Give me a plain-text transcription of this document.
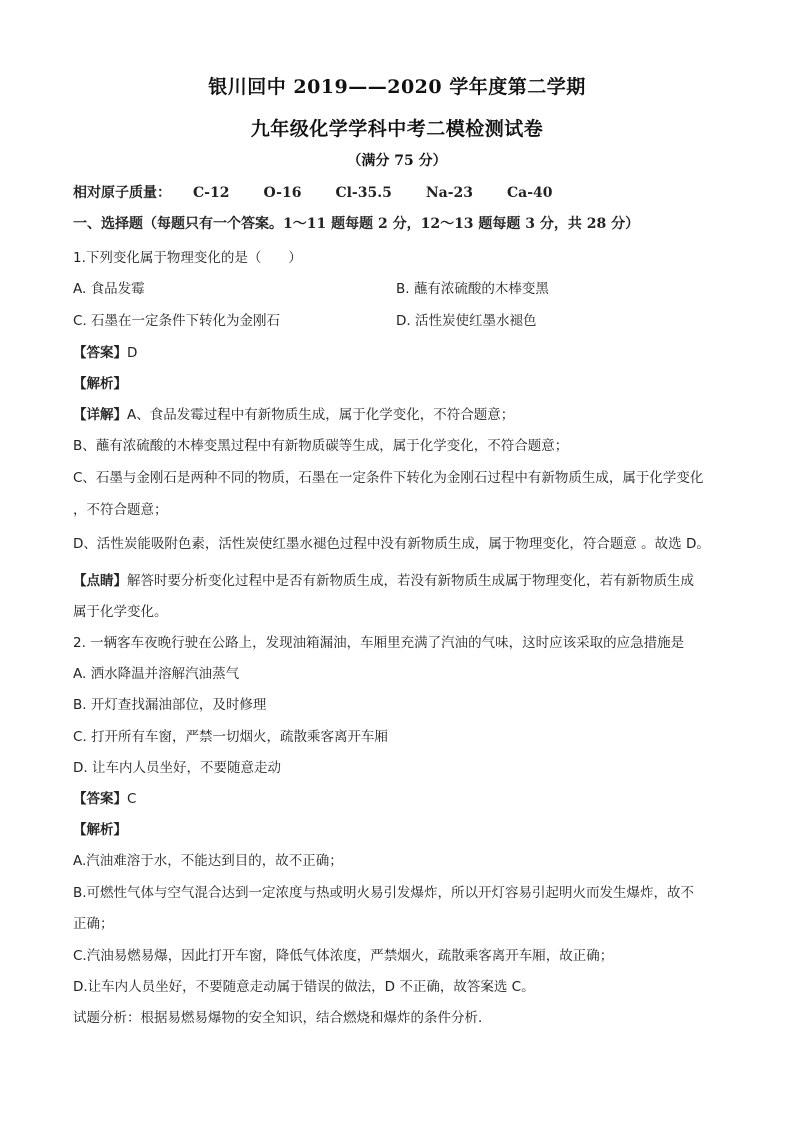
银川回中 2019——2020 学年度第二学期
九年级化学学科中考二模检测试卷
（满分 75 分）
相对原子质量： C-12 O-16 Cl-35.5 Na-23 Ca-40
一、选择题（每题只有一个答案。1～11 题每题 2 分，12～13 题每题 3 分，共 28 分）
1.下列变化属于物理变化的是（　　）
A. 食品发霉	B. 蘸有浓硫酸的木棒变黑
C. 石墨在一定条件下转化为金刚石	D. 活性炭使红墨水褪色
【答案】D
【解析】
【详解】A、食品发霉过程中有新物质生成，属于化学变化，不符合题意；
B、蘸有浓硫酸的木棒变黑过程中有新物质碳等生成，属于化学变化，不符合题意；
C、石墨与金刚石是两种不同的物质，石墨在一定条件下转化为金刚石过程中有新物质生成，属于化学变化
，不符合题意；
D、活性炭能吸附色素，活性炭使红墨水褪色过程中没有新物质生成，属于物理变化，符合题意 。故选 D。
【点睛】解答时要分析变化过程中是否有新物质生成，若没有新物质生成属于物理变化，若有新物质生成
属于化学变化。
2. 一辆客车夜晚行驶在公路上，发现油箱漏油，车厢里充满了汽油的气味，这时应该采取的应急措施是
A. 洒水降温并溶解汽油蒸气
B. 开灯查找漏油部位，及时修理
C. 打开所有车窗，严禁一切烟火，疏散乘客离开车厢
D. 让车内人员坐好，不要随意走动
【答案】C
【解析】
A.汽油难溶于水，不能达到目的，故不正确；
B.可燃性气体与空气混合达到一定浓度与热或明火易引发爆炸，所以开灯容易引起明火而发生爆炸，故不
正确；
C.汽油易燃易爆，因此打开车窗，降低气体浓度，严禁烟火，疏散乘客离开车厢，故正确；
D.让车内人员坐好，不要随意走动属于错误的做法，D 不正确，故答案选 C。
试题分析：根据易燃易爆物的安全知识，结合燃烧和爆炸的条件分析.
